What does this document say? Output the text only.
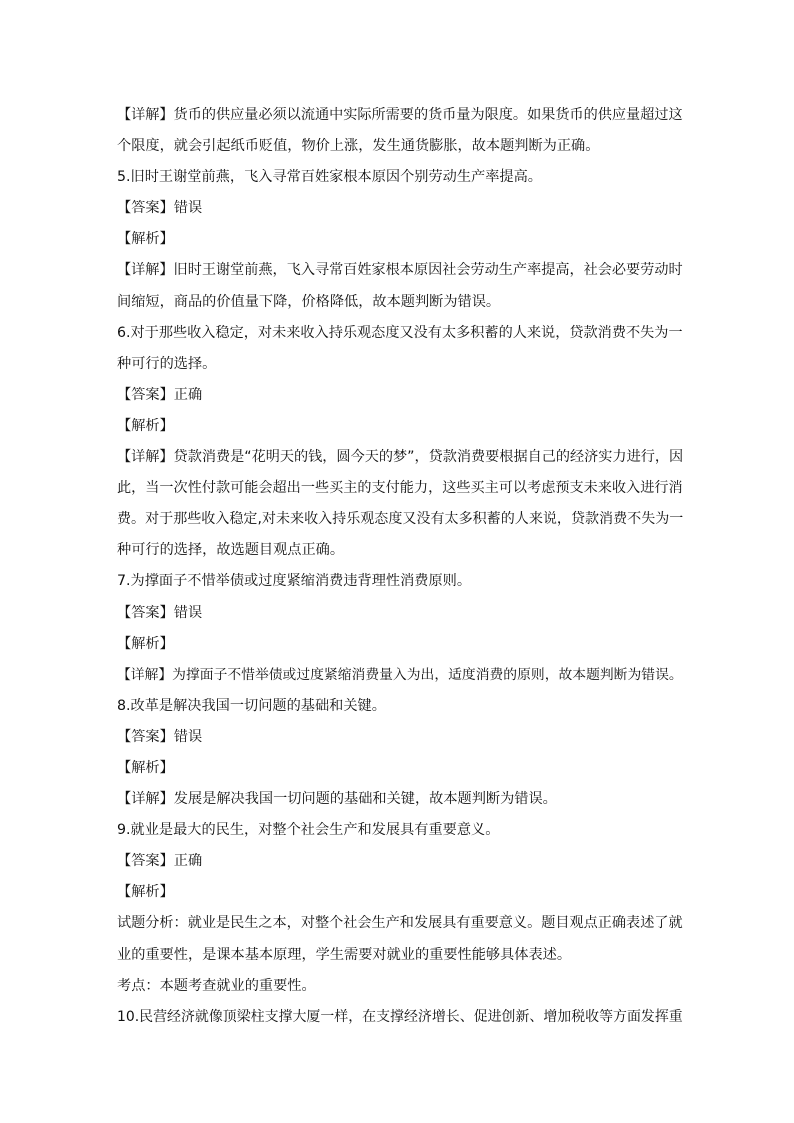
【详解】货币的供应量必须以流通中实际所需要的货币量为限度。如果货币的供应量超过这
个限度，就会引起纸币贬值，物价上涨，发生通货膨胀，故本题判断为正确。
5.旧时王谢堂前燕，飞入寻常百姓家根本原因个别劳动生产率提高。
【答案】错误
【解析】
【详解】旧时王谢堂前燕，飞入寻常百姓家根本原因社会劳动生产率提高，社会必要劳动时
间缩短，商品的价值量下降，价格降低，故本题判断为错误。
6.对于那些收入稳定，对未来收入持乐观态度又没有太多积蓄的人来说，贷款消费不失为一
种可行的选择。
【答案】正确
【解析】
【详解】贷款消费是“花明天的钱，圆今天的梦”，贷款消费要根据自己的经济实力进行，因
此，当一次性付款可能会超出一些买主的支付能力，这些买主可以考虑预支未来收入进行消
费。对于那些收入稳定,对未来收入持乐观态度又没有太多积蓄的人来说，贷款消费不失为一
种可行的选择，故选题目观点正确。
7.为撑面子不惜举债或过度紧缩消费违背理性消费原则。
【答案】错误
【解析】
【详解】为撑面子不惜举债或过度紧缩消费量入为出，适度消费的原则，故本题判断为错误。
8.改革是解决我国一切问题的基础和关键。
【答案】错误
【解析】
【详解】发展是解决我国一切问题的基础和关键，故本题判断为错误。
9.就业是最大的民生，对整个社会生产和发展具有重要意义。
【答案】正确
【解析】
试题分析：就业是民生之本，对整个社会生产和发展具有重要意义。题目观点正确表述了就
业的重要性，是课本基本原理，学生需要对就业的重要性能够具体表述。
考点：本题考查就业的重要性。
10.民营经济就像顶梁柱支撑大厦一样，在支撑经济增长、促进创新、增加税收等方面发挥重
